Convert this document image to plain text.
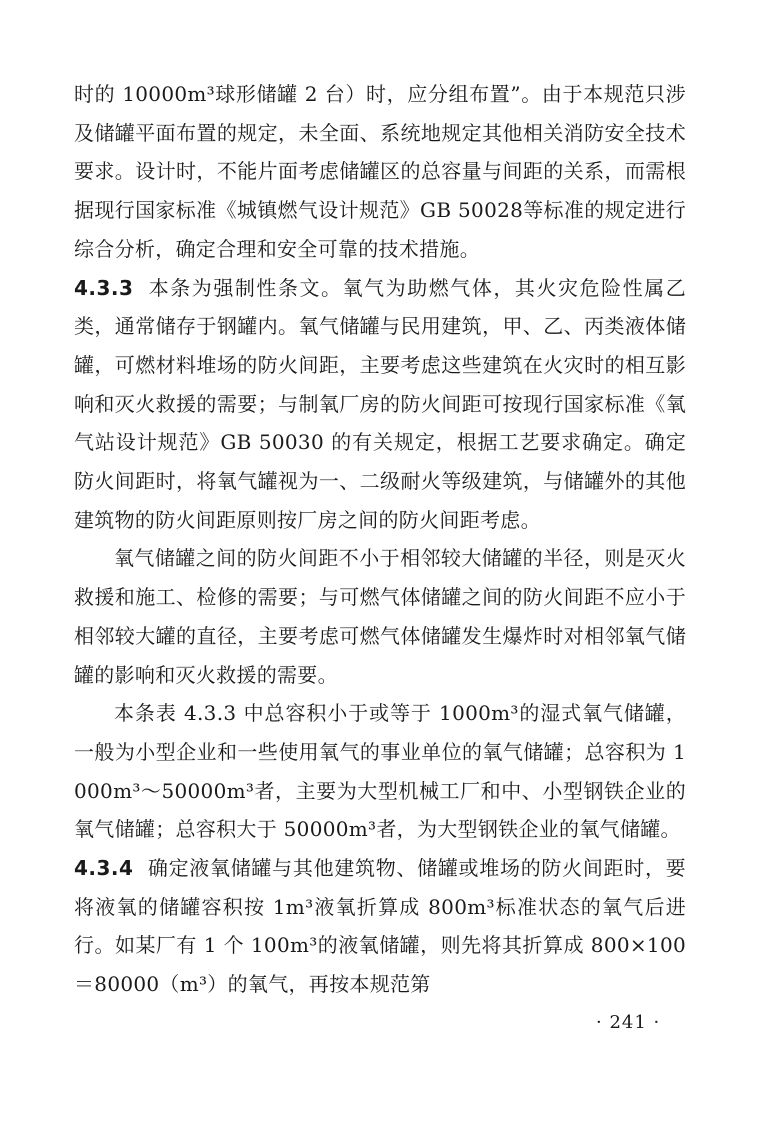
时的 10000m³球形储罐 2 台）时，应分组布置”。由于本规范只涉及储罐平面布置的规定，未全面、系统地规定其他相关消防安全技术要求。设计时，不能片面考虑储罐区的总容量与间距的关系，而需根据现行国家标准《城镇燃气设计规范》GB 50028等标准的规定进行综合分析，确定合理和安全可靠的技术措施。

4.3.3 本条为强制性条文。氧气为助燃气体，其火灾危险性属乙类，通常储存于钢罐内。氧气储罐与民用建筑，甲、乙、丙类液体储罐，可燃材料堆场的防火间距，主要考虑这些建筑在火灾时的相互影响和灭火救援的需要；与制氧厂房的防火间距可按现行国家标准《氧气站设计规范》GB 50030 的有关规定，根据工艺要求确定。确定防火间距时，将氧气罐视为一、二级耐火等级建筑，与储罐外的其他建筑物的防火间距原则按厂房之间的防火间距考虑。

氧气储罐之间的防火间距不小于相邻较大储罐的半径，则是灭火救援和施工、检修的需要；与可燃气体储罐之间的防火间距不应小于相邻较大罐的直径，主要考虑可燃气体储罐发生爆炸时对相邻氧气储罐的影响和灭火救援的需要。

本条表 4.3.3 中总容积小于或等于 1000m³的湿式氧气储罐，一般为小型企业和一些使用氧气的事业单位的氧气储罐；总容积为 1000m³～50000m³者，主要为大型机械工厂和中、小型钢铁企业的氧气储罐；总容积大于 50000m³者，为大型钢铁企业的氧气储罐。

4.3.4 确定液氧储罐与其他建筑物、储罐或堆场的防火间距时，要将液氧的储罐容积按 1m³液氧折算成 800m³标准状态的氧气后进行。如某厂有 1 个 100m³的液氧储罐，则先将其折算成 800×100＝80000（m³）的氧气，再按本规范第

· 241 ·
